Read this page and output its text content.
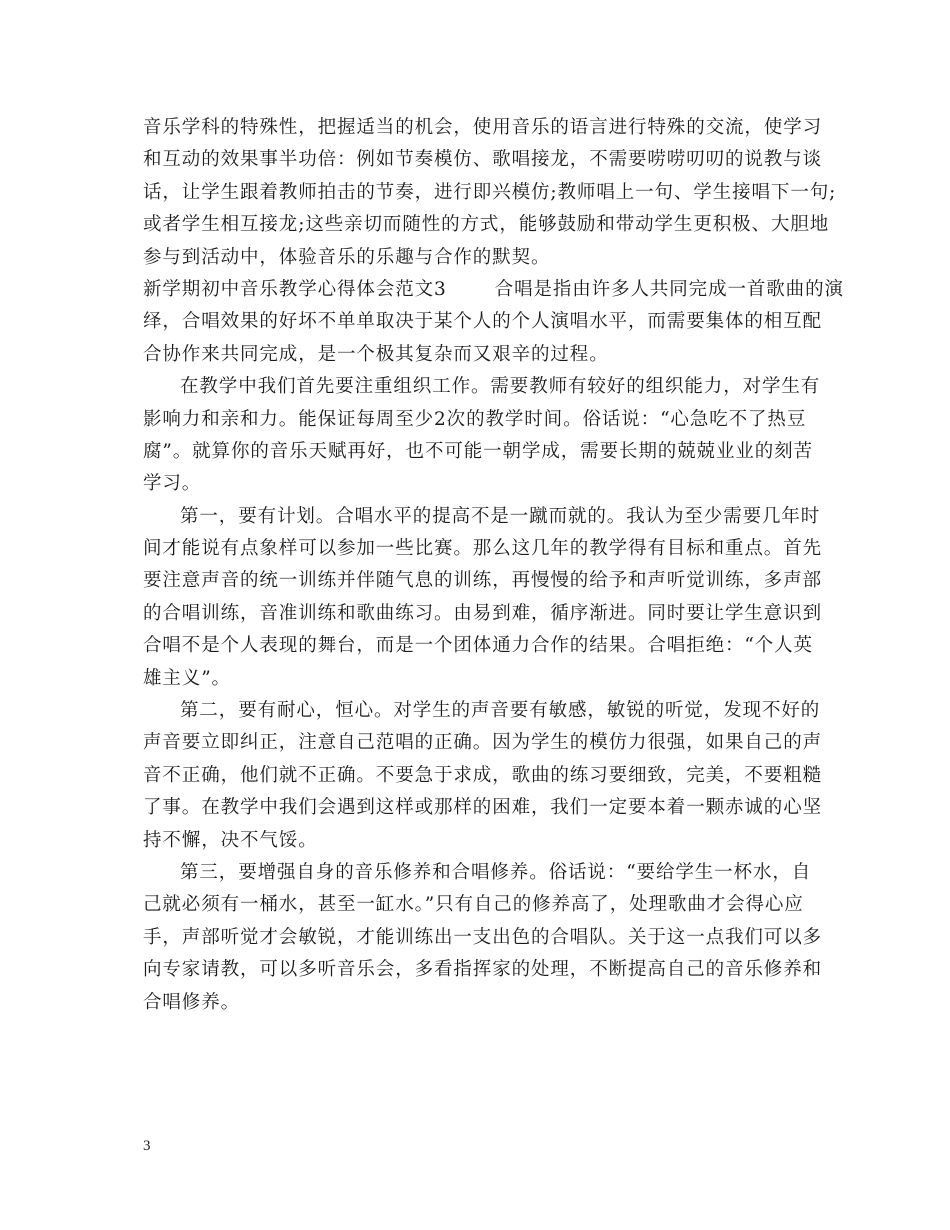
音乐学科的特殊性，把握适当的机会，使用音乐的语言进行特殊的交流，使学习
和互动的效果事半功倍：例如节奏模仿、歌唱接龙，不需要唠唠叨叨的说教与谈
话，让学生跟着教师拍击的节奏，进行即兴模仿;教师唱上一句、学生接唱下一句;
或者学生相互接龙;这些亲切而随性的方式，能够鼓励和带动学生更积极、大胆地
参与到活动中，体验音乐的乐趣与合作的默契。
新学期初中音乐教学心得体会范文3	合唱是指由许多人共同完成一首歌曲的演
绎，合唱效果的好坏不单单取决于某个人的个人演唱水平，而需要集体的相互配
合协作来共同完成，是一个极其复杂而又艰辛的过程。
在教学中我们首先要注重组织工作。需要教师有较好的组织能力，对学生有
影响力和亲和力。能保证每周至少2次的教学时间。俗话说：“心急吃不了热豆
腐”。就算你的音乐天赋再好，也不可能一朝学成，需要长期的兢兢业业的刻苦
学习。
第一，要有计划。合唱水平的提高不是一蹴而就的。我认为至少需要几年时
间才能说有点象样可以参加一些比赛。那么这几年的教学得有目标和重点。首先
要注意声音的统一训练并伴随气息的训练，再慢慢的给予和声听觉训练，多声部
的合唱训练，音准训练和歌曲练习。由易到难，循序渐进。同时要让学生意识到
合唱不是个人表现的舞台，而是一个团体通力合作的结果。合唱拒绝：“个人英
雄主义”。
第二，要有耐心，恒心。对学生的声音要有敏感，敏锐的听觉，发现不好的
声音要立即纠正，注意自己范唱的正确。因为学生的模仿力很强，如果自己的声
音不正确，他们就不正确。不要急于求成，歌曲的练习要细致，完美，不要粗糙
了事。在教学中我们会遇到这样或那样的困难，我们一定要本着一颗赤诚的心坚
持不懈，决不气馁。
第三，要增强自身的音乐修养和合唱修养。俗话说：“要给学生一杯水，自
己就必须有一桶水，甚至一缸水。”只有自己的修养高了，处理歌曲才会得心应
手，声部听觉才会敏锐，才能训练出一支出色的合唱队。关于这一点我们可以多
向专家请教，可以多听音乐会，多看指挥家的处理，不断提高自己的音乐修养和
合唱修养。
3
